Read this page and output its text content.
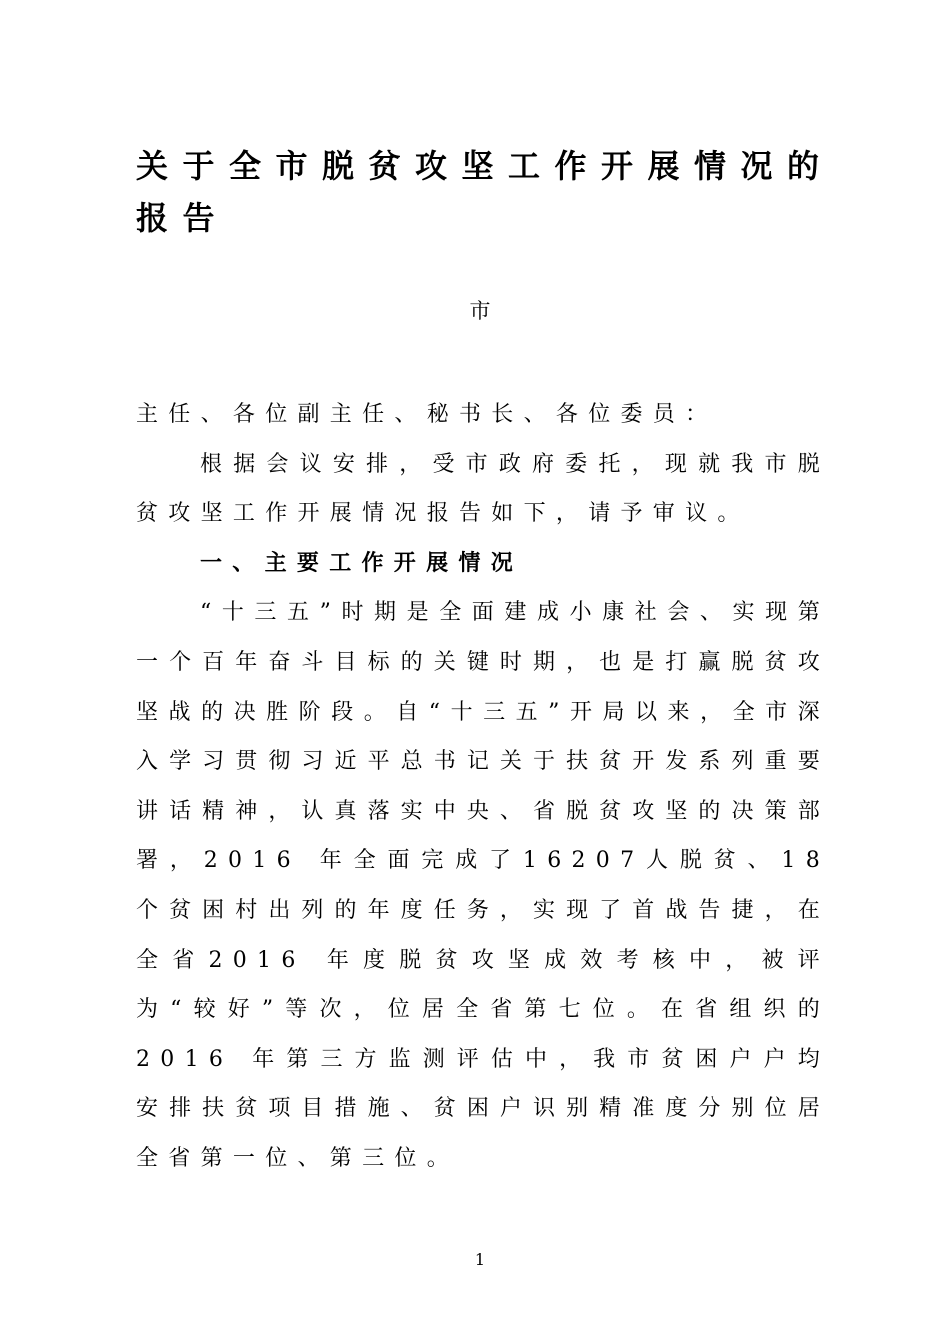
关于全市脱贫攻坚工作开展情况的报告
市

主任、各位副主任、秘书长、各位委员：

根据会议安排，受市政府委托，现就我市脱贫攻坚工作开展情况报告如下，请予审议。

一、主要工作开展情况

“十三五”时期是全面建成小康社会、实现第一个百年奋斗目标的关键时期，也是打赢脱贫攻坚战的决胜阶段。自“十三五”开局以来，全市深入学习贯彻习近平总书记关于扶贫开发系列重要讲话精神，认真落实中央、省脱贫攻坚的决策部署，2016 年全面完成了16207人脱贫、18个贫困村出列的年度任务，实现了首战告捷，在全省2016 年度脱贫攻坚成效考核中，被评为“较好”等次，位居全省第七位。在省组织的2016 年第三方监测评估中，我市贫困户户均安排扶贫项目措施、贫困户识别精准度分别位居全省第一位、第三位。

1
